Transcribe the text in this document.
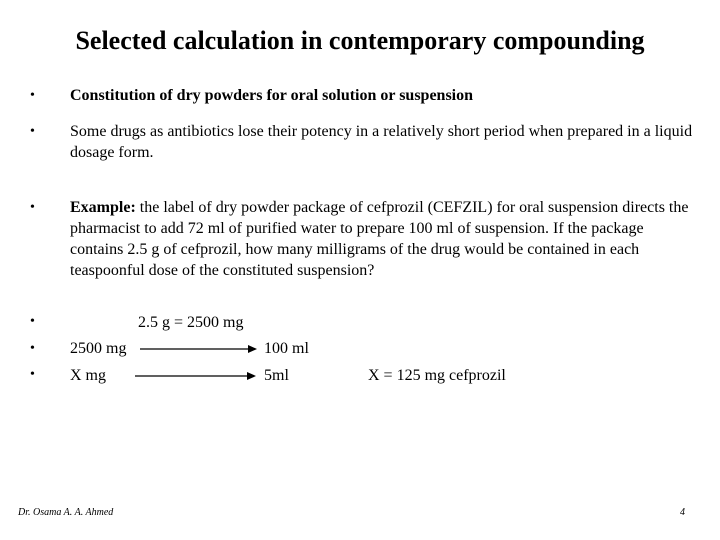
Selected calculation in contemporary compounding
• Constitution of dry powders for oral solution or suspension
• Some drugs as antibiotics lose their potency in a relatively short period when prepared in a liquid dosage form.
• Example: the label of dry powder package of cefprozil (CEFZIL) for oral suspension directs the pharmacist to add 72 ml of purified water to prepare 100 ml of suspension. If the package contains 2.5 g of cefprozil, how many milligrams of the drug would be contained in each teaspoonful dose of the constituted suspension?
•
•
•
2.5 g = 2500 mg
2500 mg	100 ml
X mg	5ml	X = 125 mg cefprozil
Dr. Osama A. A. Ahmed	4
